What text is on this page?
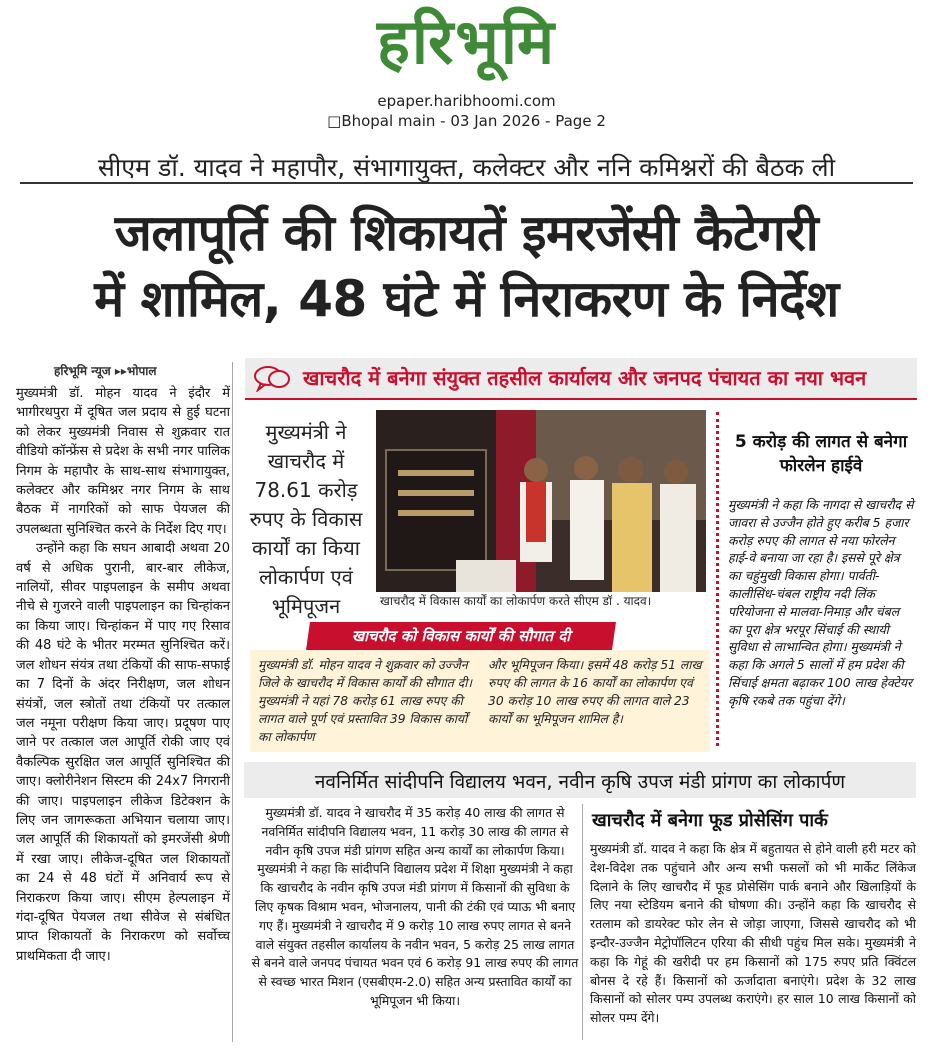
हरिभूमि
epaper.haribhoomi.com
□Bhopal main - 03 Jan 2026 - Page 2
सीएम डॉ. यादव ने महापौर, संभागायुक्त, कलेक्टर और ननि कमिश्नरों की बैठक ली
जलापूर्ति की शिकायतें इमरजेंसी कैटेगरी
में शामिल, 48 घंटे में निराकरण के निर्देश
हरिभूमि न्यूज ▸▸भोपाल

मुख्यमंत्री डॉ. मोहन यादव ने इंदौर में भागीरथपुरा में दूषित जल प्रदाय से हुई घटना को लेकर मुख्यमंत्री निवास से शुक्रवार रात वीडियो कॉन्फ्रेंस से प्रदेश के सभी नगर पालिक निगम के महापौर के साथ-साथ संभागायुक्त, कलेक्टर और कमिश्नर नगर निगम के साथ बैठक में नागरिकों को साफ पेयजल की उपलब्धता सुनिश्चित करने के निर्देश दिए गए।

उन्होंने कहा कि सघन आबादी अथवा 20 वर्ष से अधिक पुरानी, बार-बार लीकेज, नालियों, सीवर पाइपलाइन के समीप अथवा नीचे से गुजरने वाली पाइपलाइन का चिन्हांकन का किया जाए। चिन्हांकन में पाए गए रिसाव की 48 घंटे के भीतर मरम्मत सुनिश्चित करें। जल शोधन संयंत्र तथा टंकियों की साफ-सफाई का 7 दिनों के अंदर निरीक्षण, जल शोधन संयंत्रों, जल स्त्रोतों तथा टंकियों पर तत्काल जल नमूना परीक्षण किया जाए। प्रदूषण पाए जाने पर तत्काल जल आपूर्ति रोकी जाए एवं वैकल्पिक सुरक्षित जल आपूर्ति सुनिश्चित की जाए। क्लोरीनेशन सिस्टम की 24x7 निगरानी की जाए। पाइपलाइन लीकेज डिटेक्शन के लिए जन जागरूकता अभियान चलाया जाए। जल आपूर्ति की शिकायतों को इमरजेंसी श्रेणी में रखा जाए। लीकेज-दूषित जल शिकायतों का 24 से 48 घंटों में अनिवार्य रूप से निराकरण किया जाए। सीएम हेल्पलाइन में गंदा-दूषित पेयजल तथा सीवेज से संबंधित प्राप्त शिकायतों के निराकरण को सर्वोच्च प्राथमिकता दी जाए।

खाचरौद में बनेगा संयुक्त तहसील कार्यालय और जनपद पंचायत का नया भवन
मुख्यमंत्री ने खाचरौद में 78.61 करोड़ रुपए के विकास कार्यों का किया लोकार्पण एवं भूमिपूजन	खाचरौद में विकास कार्यों का लोकार्पण करते सीएम डॉ . यादव।
5 करोड़ की लागत से बनेगा फोरलेन हाईवे
मुख्यमंत्री ने कहा कि नागदा से खाचरौद से जावरा से उज्जैन होते हुए करीब 5 हजार करोड़ रुपए की लागत से नया फोरलेन हाई-वे बनाया जा रहा है। इससे पूरे क्षेत्र का चहुंमुखी विकास होगा। पार्वती-कालीसिंध-चंबल राष्ट्रीय नदी लिंक परियोजना से मालवा-निमाड़ और चंबल का पूरा क्षेत्र भरपूर सिंचाई की स्थायी सुविधा से लाभान्वित होगा। मुख्यमंत्री ने कहा कि अगले 5 सालों में हम प्रदेश की सिंचाई क्षमता बढ़ाकर 100 लाख हेक्टेयर कृषि रकबे तक पहुंचा देंगे।
खाचरौद को विकास कार्यों की सौगात दी
मुख्यमंत्री डॉ. मोहन यादव ने शुक्रवार को उज्जैन जिले के खाचरौद में विकास कार्यों की सौगात दी। मुख्यमंत्री ने यहां 78 करोड़ 61 लाख रुपए की लागत वाले पूर्ण एवं प्रस्तावित 39 विकास कार्यों का लोकार्पण
और भूमिपूजन किया। इसमें 48 करोड़ 51 लाख रुपए की लागत के 16 कार्यों का लोकार्पण एवं 30 करोड़ 10 लाख रुपए की लागत वाले 23 कार्यों का भूमिपूजन शामिल है।
नवनिर्मित सांदीपनि विद्यालय भवन, नवीन कृषि उपज मंडी प्रांगण का लोकार्पण
मुख्यमंत्री डॉ. यादव ने खाचरौद में 35 करोड़ 40 लाख की लागत से नवनिर्मित सांदीपनि विद्यालय भवन, 11 करोड़ 30 लाख की लागत से नवीन कृषि उपज मंडी प्रांगण सहित अन्य कार्यों का लोकार्पण किया। मुख्यमंत्री ने कहा कि सांदीपनि विद्यालय प्रदेश में शिक्षा मुख्यमंत्री ने कहा कि खाचरौद के नवीन कृषि उपज मंडी प्रांगण में किसानों की सुविधा के लिए कृषक विश्राम भवन, भोजनालय, पानी की टंकी एवं प्याऊ भी बनाए गए हैं। मुख्यमंत्री ने खाचरौद में 9 करोड़ 10 लाख रुपए लागत से बनने वाले संयुक्त तहसील कार्यालय के नवीन भवन, 5 करोड़ 25 लाख लागत से बनने वाले जनपद पंचायत भवन एवं 6 करोड़ 91 लाख रुपए की लागत से स्वच्छ भारत मिशन (एसबीएम-2.0) सहित अन्य प्रस्तावित कार्यों का भूमिपूजन भी किया।
खाचरौद में बनेगा फूड प्रोसेसिंग पार्क
मुख्यमंत्री डॉ. यादव ने कहा कि क्षेत्र में बहुतायत से होने वाली हरी मटर को देश-विदेश तक पहुंचाने और अन्य सभी फसलों को भी मार्केट लिंकेज दिलाने के लिए खाचरौद में फूड प्रोसेसिंग पार्क बनाने और खिलाड़ियों के लिए नया स्टेडियम बनाने की घोषणा की। उन्होंने कहा कि खाचरौद से रतलाम को डायरेक्ट फोर लेन से जोड़ा जाएगा, जिससे खाचरौद को भी इन्दौर-उज्जैन मेट्रोपॉलिटन एरिया की सीधी पहुंच मिल सके। मुख्यमंत्री ने कहा कि गेहूं की खरीदी पर हम किसानों को 175 रुपए प्रति क्विंटल बोनस दे रहे हैं। किसानों को ऊर्जादाता बनाएंगे। प्रदेश के 32 लाख किसानों को सोलर पम्प उपलब्ध कराएंगे। हर साल 10 लाख किसानों को सोलर पम्प देंगे।
